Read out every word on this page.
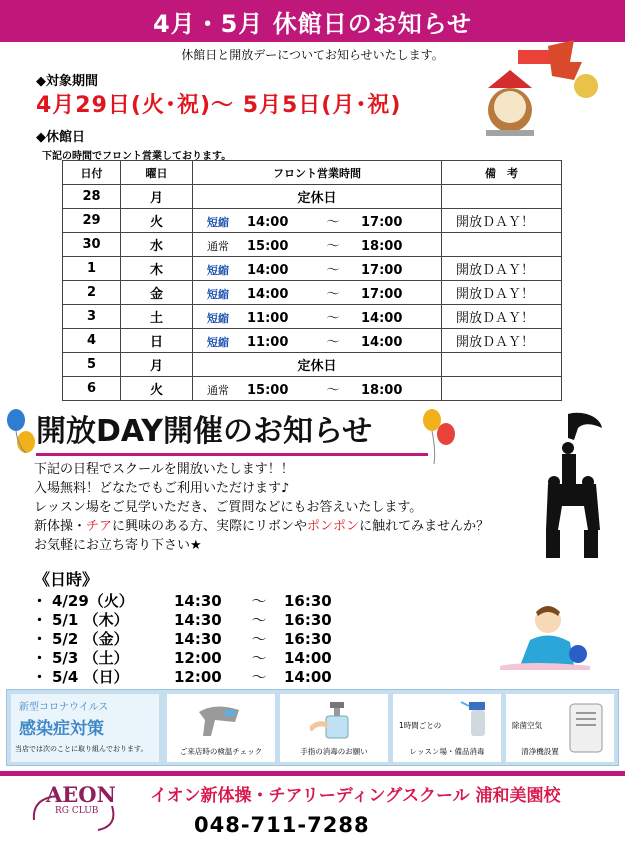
4月・5月 休館日のお知らせ
休館日と開放デーについてお知らせいたします。
◆対象期間
4月29日(火･祝)～ 5月5日(月･祝)
◆休館日
下記の時間でフロント営業しております。
日付	曜日	フロント営業時間	備　考
28	月	定休日	
29	火	短縮 14:00 ～ 17:00	開放ＤＡＹ！
30	水	通常 15:00 ～ 18:00	
1	木	短縮 14:00 ～ 17:00	開放ＤＡＹ！
2	金	短縮 14:00 ～ 17:00	開放ＤＡＹ！
3	土	短縮 11:00 ～ 14:00	開放ＤＡＹ！
4	日	短縮 11:00 ～ 14:00	開放ＤＡＹ！
5	月	定休日	
6	火	通常 15:00 ～ 18:00	
開放DAY開催のお知らせ
下記の日程でスクールを開放いたします！！
入場無料！どなたでもご利用いただけます♪
レッスン場をご見学いただき、ご質問などにもお答えいたします。
新体操・チアに興味のある方、実際にリボンやポンポンに触れてみませんか？
お気軽にお立ち寄り下さい★
《日時》
・ 4/29（火）	14:30	～	16:30
・ 5/1 （木）	14:30	～	16:30
・ 5/2 （金）	14:30	～	16:30
・ 5/3 （土）	12:00	～	14:00
・ 5/4 （日）	12:00	～	14:00
新型コロナウイルス
感染症対策
当店では次のことに取り組んでおります。	ご来店時の検温チェック	手指の消毒のお願い
1時間ごとの
レッスン場・備品消毒
除菌空気
清浄機設置
AEON
RG CLUB
イオン新体操・チアリーディングスクール 浦和美園校
048-711-7288
